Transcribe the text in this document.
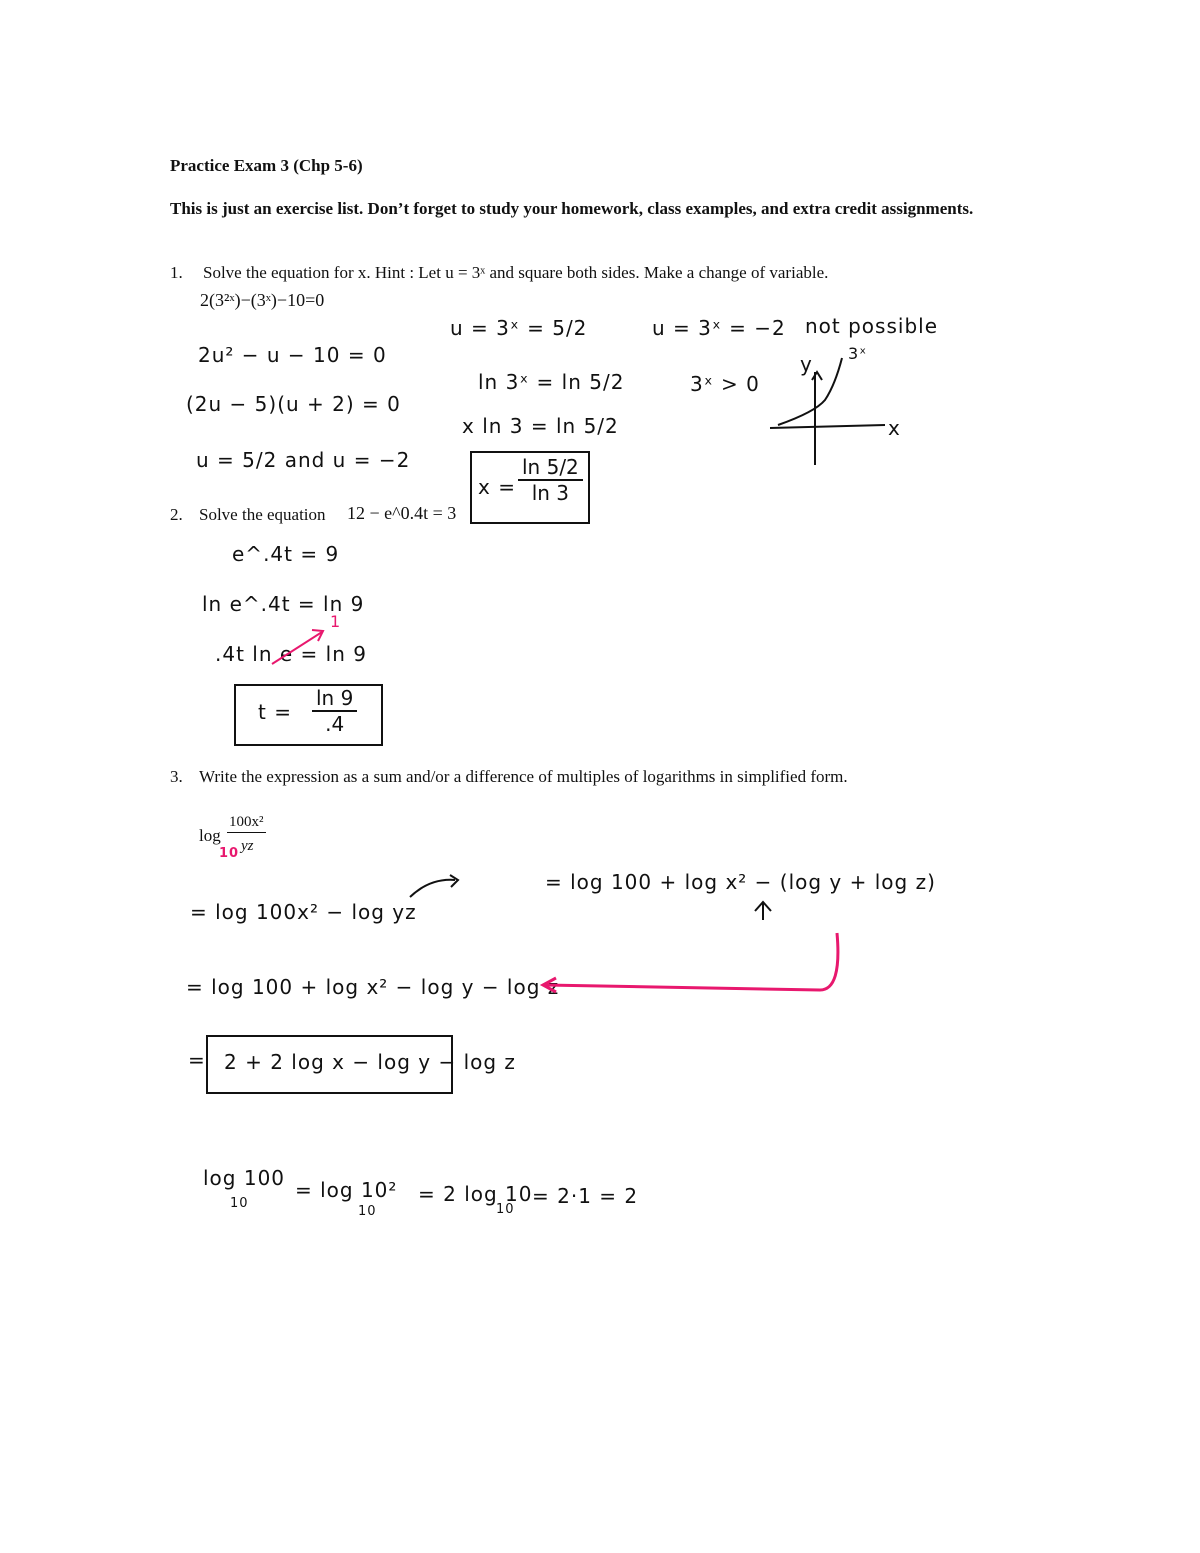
Practice Exam 3 (Chp 5-6)
This is just an exercise list. Don’t forget to study your homework, class examples, and extra credit assignments.
1. Solve the equation for x. Hint : Let u = 3ˣ and square both sides. Make a change of variable.
2(3²ˣ)−(3ˣ)−10=0
2u² − u − 10 = 0
(2u − 5)(u + 2) = 0
u = 5/2 and u = −2
u = 3ˣ = 5/2
ln 3ˣ = ln 5/2
x ln 3 = ln 5/2
$x = \frac{\ln 5/2}{\ln 3}$
u = 3ˣ = −2 not possible
3ˣ > 0
y
x
3ˣ
2. Solve the equation 12 − e^0.4t = 3
e^.4t = 9
ln e^.4t = ln 9
.4t ln e = ln 9
1
$t = \frac{\ln 9}{.4}$
3. Write the expression as a sum and/or a difference of multiples of logarithms in simplified form.
log
100x²
yz
10
= log 100x² − log yz
= log 100 + log x² − log y − log z
= log 100 + log x² − (log y + log z)
= 2 + 2 log x − log y − log z
log 100
10
= log 10²
10
= 2 log 10
10
= 2·1 = 2
